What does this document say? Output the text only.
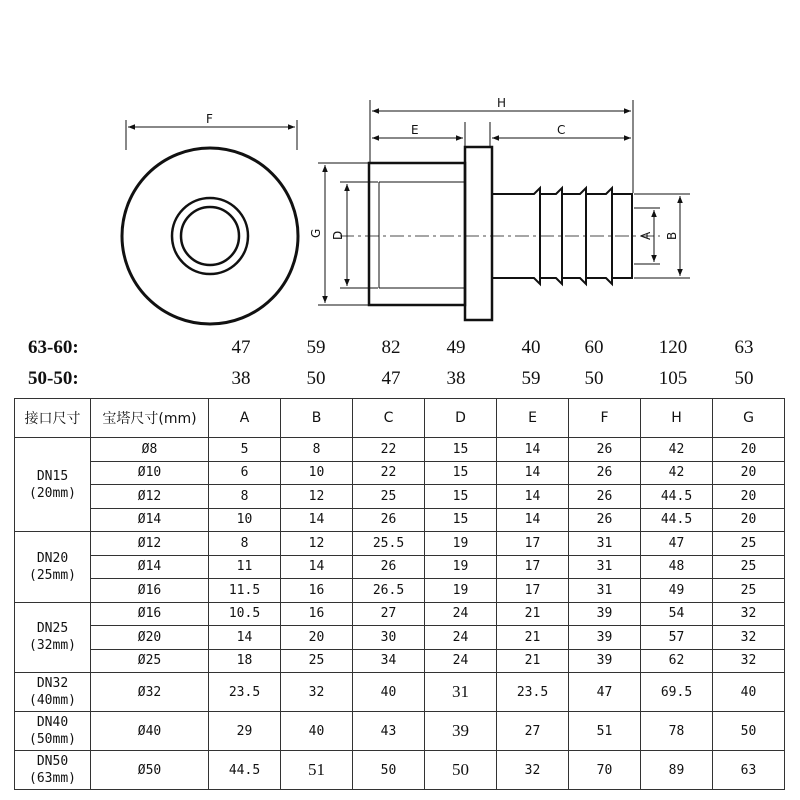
F
H
E	C
G D	A B
63-60:	47	59	82	49	40	60	120	63
50-50:	38	50	47	38	59	50	105	50
接口尺寸	宝塔尺寸(mm)	A	B	C	D	E	F	H	G

DN15
(20mm)	Ø8	5	8	22	15	14	26	42	20
	Ø10	6	10	22	15	14	26	42	20
	Ø12	8	12	25	15	14	26	44.5	20
	Ø14	10	14	26	15	14	26	44.5	20

DN20
(25mm)	Ø12	8	12	25.5	19	17	31	47	25
	Ø14	11	14	26	19	17	31	48	25
	Ø16	11.5	16	26.5	19	17	31	49	25

DN25
(32mm)	Ø16	10.5	16	27	24	21	39	54	32
	Ø20	14	20	30	24	21	39	57	32
	Ø25	18	25	34	24	21	39	62	32

DN32
(40mm)	Ø32	23.5	32	40	31	23.5	47	69.5	40

DN40
(50mm)	Ø40	29	40	43	39	27	51	78	50

DN50
(63mm)	Ø50	44.5	51	50	50	32	70	89	63
